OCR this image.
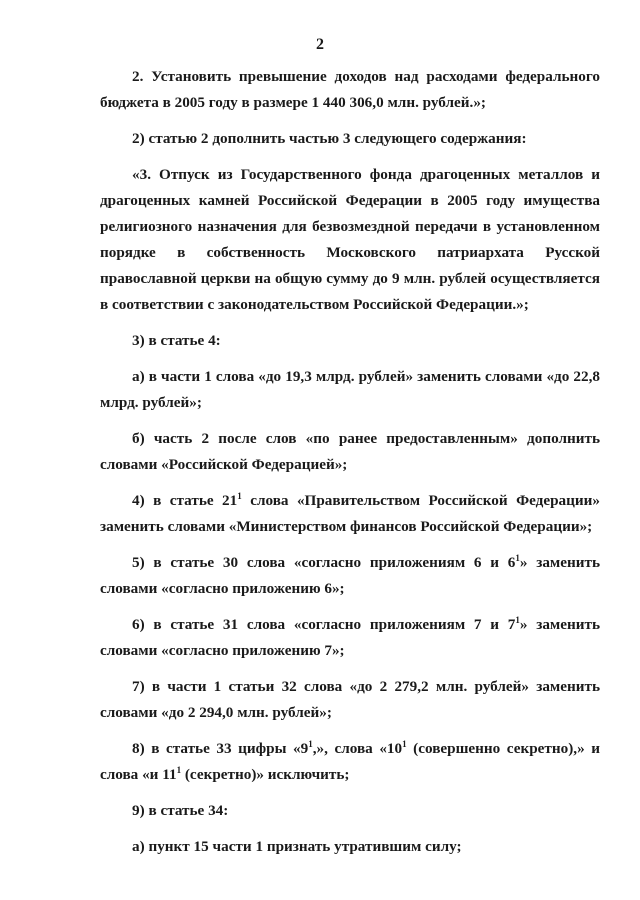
2

2. Установить превышение доходов над расходами федерального бюджета в 2005 году в размере 1 440 306,0 млн. рублей.»;

2) статью 2 дополнить частью 3 следующего содержания:

«3. Отпуск из Государственного фонда драгоценных металлов и драгоценных камней Российской Федерации в 2005 году имущества религиозного назначения для безвозмездной передачи в установленном порядке в собственность Московского патриархата Русской православной церкви на общую сумму до 9 млн. рублей осуществляется в соответствии с законодательством Российской Федерации.»;

3) в статье 4:

а) в части 1 слова «до 19,3 млрд. рублей» заменить словами «до 22,8 млрд. рублей»;

б) часть 2 после слов «по ранее предоставленным» дополнить словами «Российской Федерацией»;

4) в статье $21^1$ слова «Правительством Российской Федерации» заменить словами «Министерством финансов Российской Федерации»;

5) в статье 30 слова «согласно приложениям 6 и $6^1$» заменить словами «согласно приложению 6»;

6) в статье 31 слова «согласно приложениям 7 и $7^1$» заменить словами «согласно приложению 7»;

7) в части 1 статьи 32 слова «до 2 279,2 млн. рублей» заменить словами «до 2 294,0 млн. рублей»;

8) в статье 33 цифры «$9^1$,», слова «$10^1$ (совершенно секретно),» и слова «и $11^1$ (секретно)» исключить;

9) в статье 34:

а) пункт 15 части 1 признать утратившим силу;
